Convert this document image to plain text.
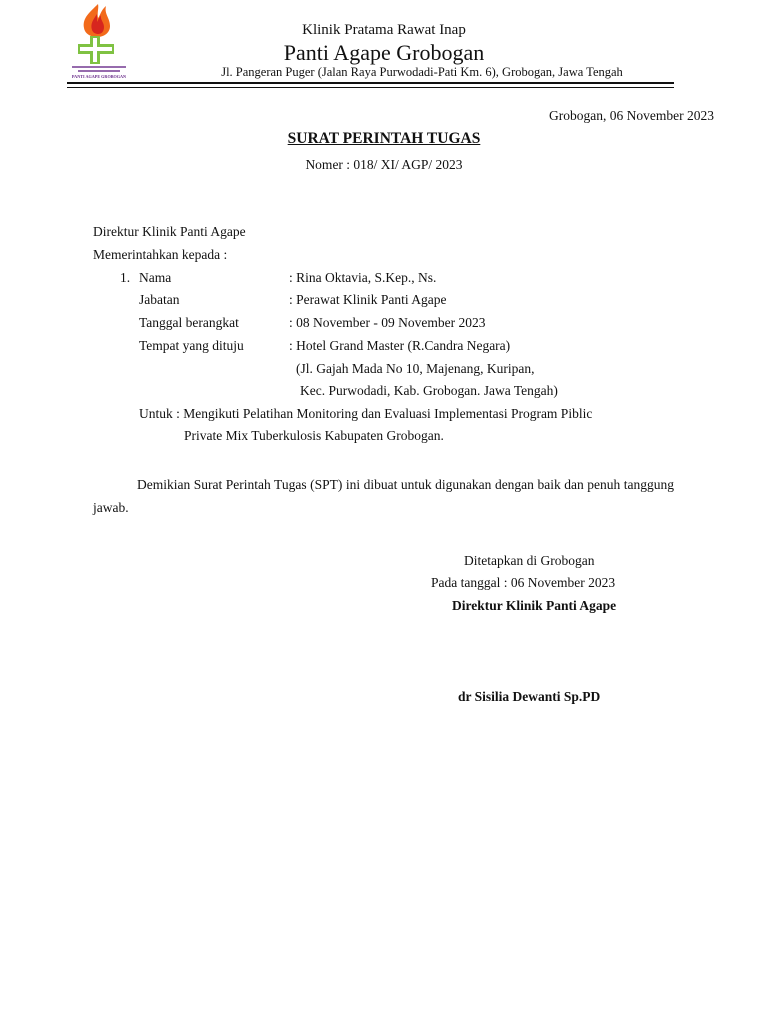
PANTI AGAPE GROBOGAN
Klinik Pratama Rawat Inap
Panti Agape Grobogan
Jl. Pangeran Puger (Jalan Raya Purwodadi-Pati Km. 6), Grobogan, Jawa Tengah
Grobogan, 06 November 2023
SURAT PERINTAH TUGAS
Nomer : 018/ XI/ AGP/ 2023
Direktur Klinik Panti Agape
Memerintahkan kepada :
1. Nama	: Rina Oktavia, S.Kep., Ns.
Jabatan	: Perawat Klinik Panti Agape
Tanggal berangkat	: 08 November - 09 November 2023
Tempat yang dituju	: Hotel Grand Master (R.Candra Negara)
(Jl. Gajah Mada No 10, Majenang, Kuripan,
Kec. Purwodadi, Kab. Grobogan. Jawa Tengah)
Untuk : Mengikuti Pelatihan Monitoring dan Evaluasi Implementasi Program Piblic
Private Mix Tuberkulosis Kabupaten Grobogan.
Demikian Surat Perintah Tugas (SPT) ini dibuat untuk digunakan dengan baik dan penuh tanggung jawab.
Ditetapkan di Grobogan
Pada tanggal : 06 November 2023
Direktur Klinik Panti Agape
dr Sisilia Dewanti Sp.PD
